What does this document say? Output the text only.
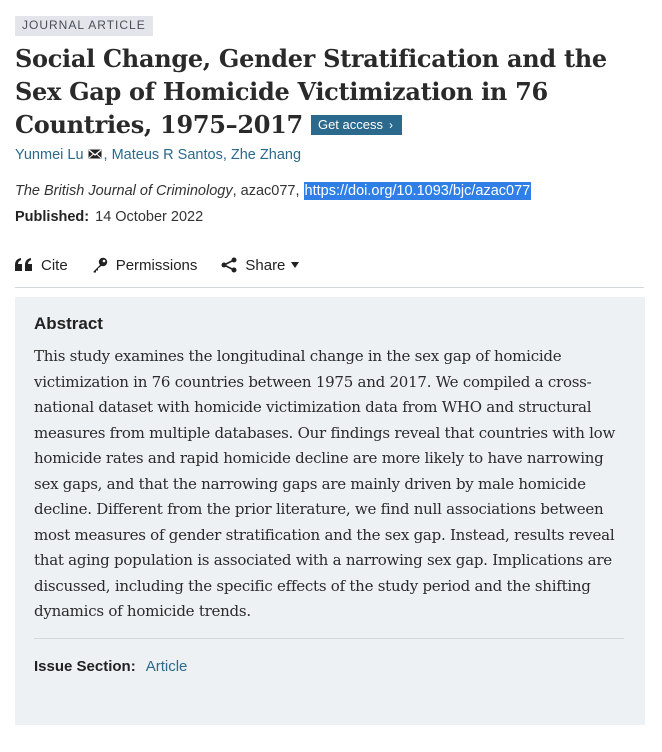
JOURNAL ARTICLE
Social Change, Gender Stratification and the Sex Gap of Homicide Victimization in 76 Countries, 1975–2017 Get access ›
Yunmei Lu , Mateus R Santos, Zhe Zhang
The British Journal of Criminology, azac077, https://doi.org/10.1093/bjc/azac077
Published: 14 October 2022
Cite	Permissions	Share
Abstract

This study examines the longitudinal change in the sex gap of homicide victimization in 76 countries between 1975 and 2017. We compiled a cross-national dataset with homicide victimization data from WHO and structural measures from multiple databases. Our findings reveal that countries with low homicide rates and rapid homicide decline are more likely to have narrowing sex gaps, and that the narrowing gaps are mainly driven by male homicide decline. Different from the prior literature, we find null associations between most measures of gender stratification and the sex gap. Instead, results reveal that aging population is associated with a narrowing sex gap. Implications are discussed, including the specific effects of the study period and the shifting dynamics of homicide trends.

Issue Section: Article
